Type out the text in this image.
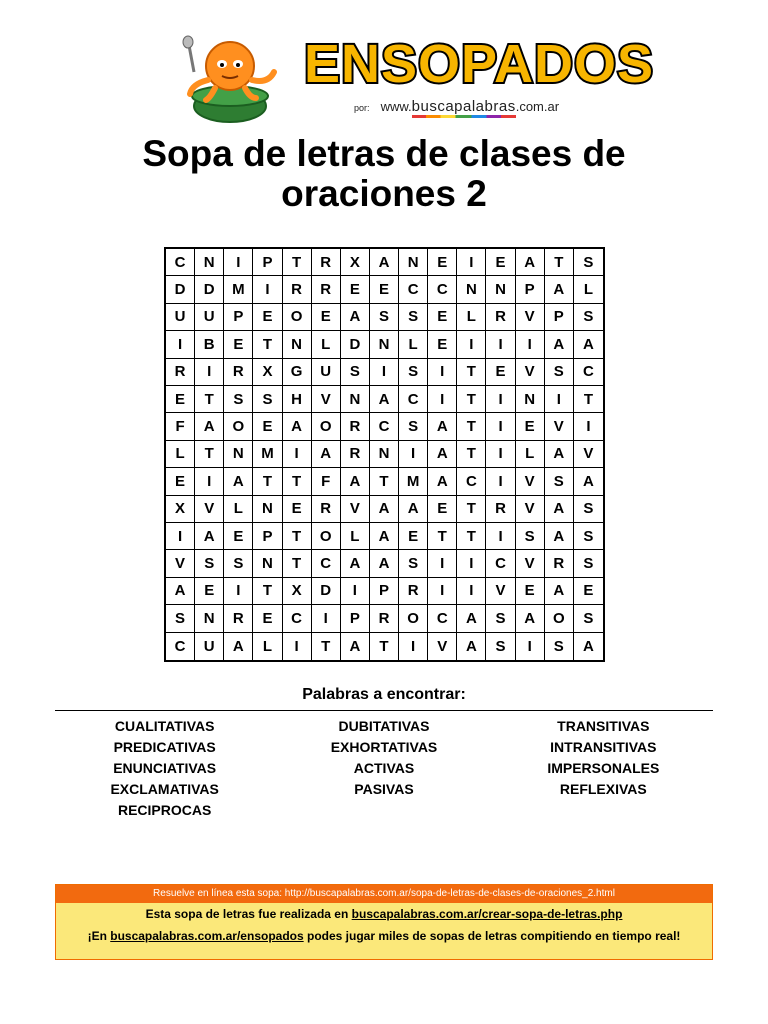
ENSOPADOS
por: www.buscapalabras.com.ar
Sopa de letras de clases de
oraciones 2
C	N	I	P	T	R	X	A	N	E	I	E	A	T	S
D	D	M	I	R	R	E	E	C	C	N	N	P	A	L
U	U	P	E	O	E	A	S	S	E	L	R	V	P	S
I	B	E	T	N	L	D	N	L	E	I	I	I	A	A
R	I	R	X	G	U	S	I	S	I	T	E	V	S	C
E	T	S	S	H	V	N	A	C	I	T	I	N	I	T
F	A	O	E	A	O	R	C	S	A	T	I	E	V	I
L	T	N	M	I	A	R	N	I	A	T	I	L	A	V
E	I	A	T	T	F	A	T	M	A	C	I	V	S	A
X	V	L	N	E	R	V	A	A	E	T	R	V	A	S
I	A	E	P	T	O	L	A	E	T	T	I	S	A	S
V	S	S	N	T	C	A	A	S	I	I	C	V	R	S
A	E	I	T	X	D	I	P	R	I	I	V	E	A	E
S	N	R	E	C	I	P	R	O	C	A	S	A	O	S
C	U	A	L	I	T	A	T	I	V	A	S	I	S	A
Palabras a encontrar:
CUALITATIVAS
PREDICATIVAS
ENUNCIATIVAS
EXCLAMATIVAS
RECIPROCAS
DUBITATIVAS
EXHORTATIVAS
ACTIVAS
PASIVAS
TRANSITIVAS
INTRANSITIVAS
IMPERSONALES
REFLEXIVAS
Resuelve en línea esta sopa: http://buscapalabras.com.ar/sopa-de-letras-de-clases-de-oraciones_2.html
Esta sopa de letras fue realizada en buscapalabras.com.ar/crear-sopa-de-letras.php
¡En buscapalabras.com.ar/ensopados podes jugar miles de sopas de letras compitiendo en tiempo real!
